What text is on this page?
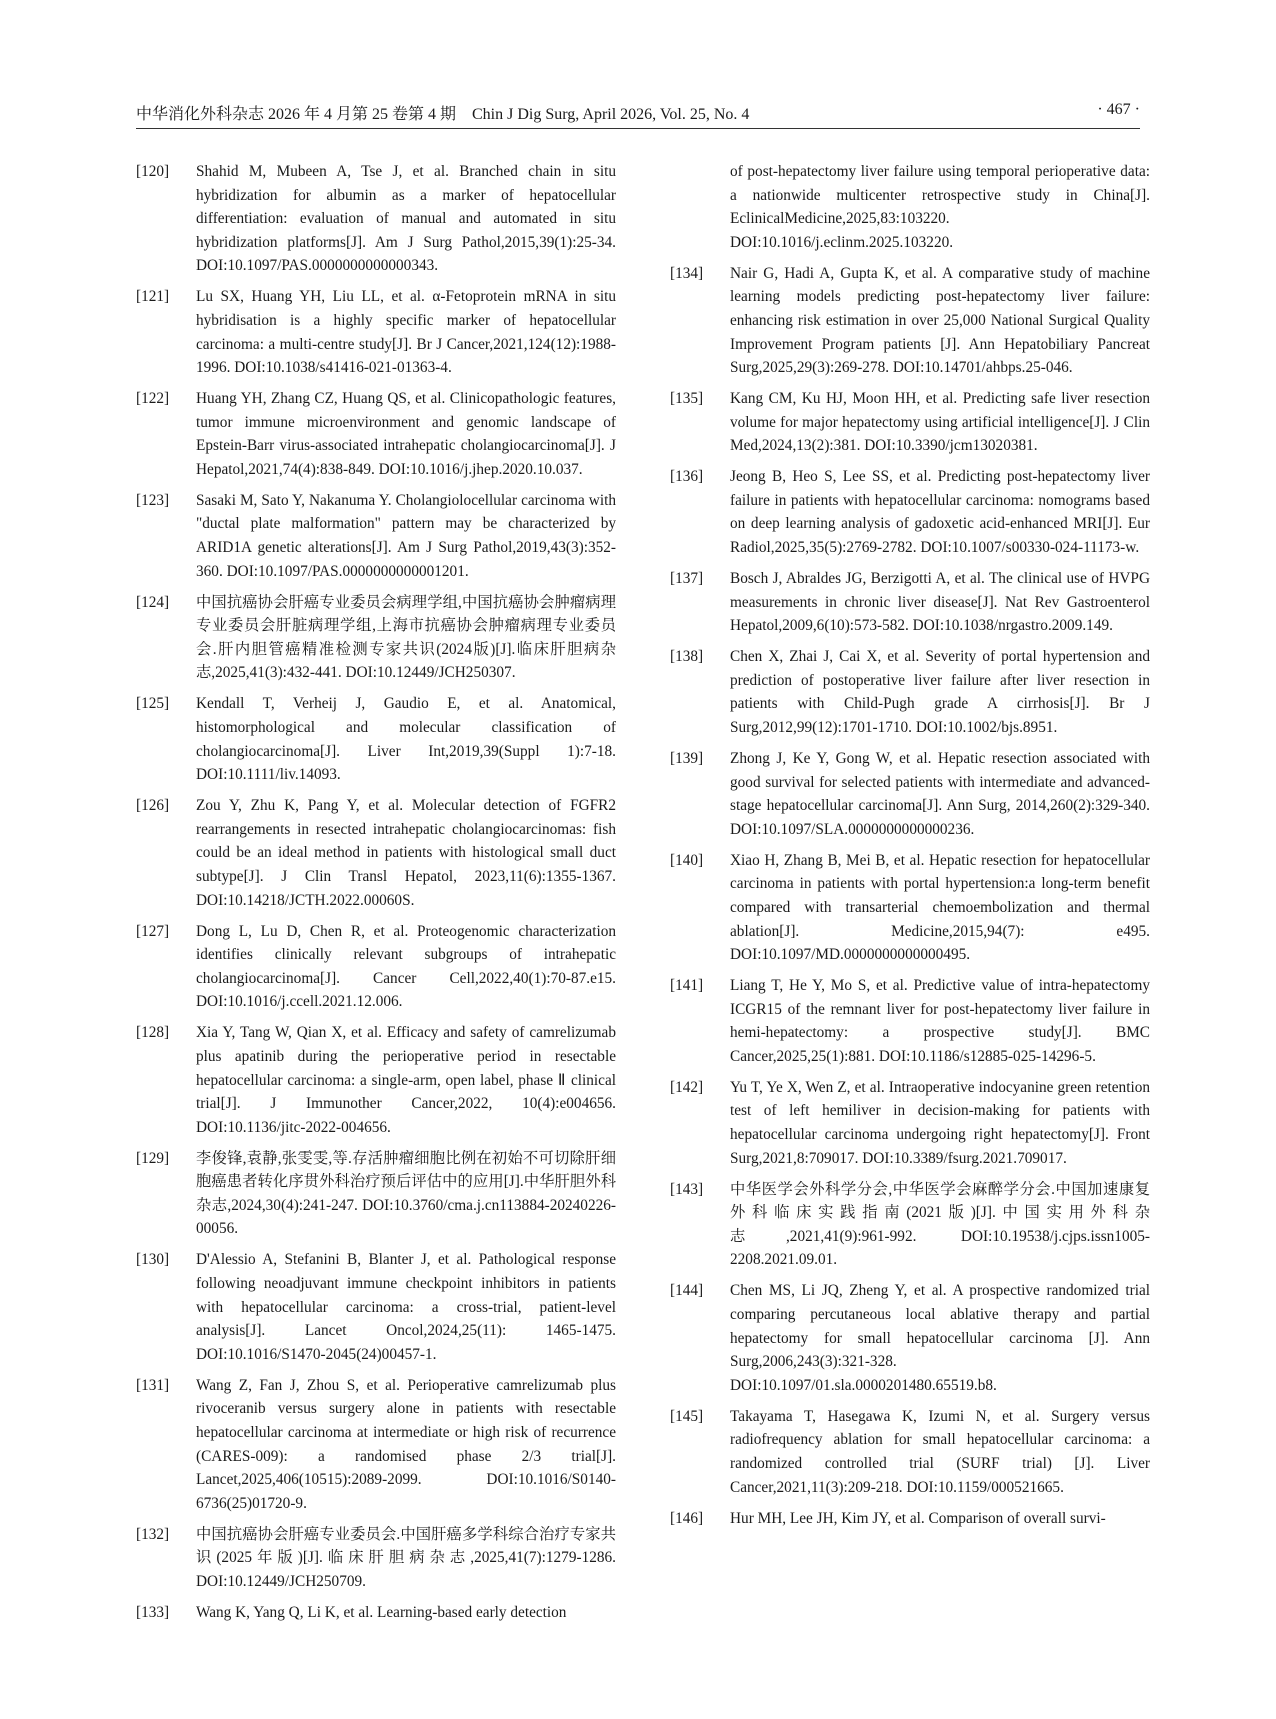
中华消化外科杂志 2026 年 4 月第 25 卷第 4 期　Chin J Dig Surg, April 2026, Vol. 25, No. 4	· 467 ·
[120] Shahid M, Mubeen A, Tse J, et al. Branched chain in situ hybridization for albumin as a marker of hepatocellular differentiation: evaluation of manual and automated in situ hybridization platforms[J]. Am J Surg Pathol,2015,39(1):25-34. DOI:10.1097/PAS.0000000000000343.
[121] Lu SX, Huang YH, Liu LL, et al. α-Fetoprotein mRNA in situ hybridisation is a highly specific marker of hepatocellular carcinoma: a multi-centre study[J]. Br J Cancer,2021,124(12):1988-1996. DOI:10.1038/s41416-021-01363-4.
[122] Huang YH, Zhang CZ, Huang QS, et al. Clinicopathologic features, tumor immune microenvironment and genomic landscape of Epstein-Barr virus-associated intrahepatic cholangiocarcinoma[J]. J Hepatol,2021,74(4):838-849. DOI:10.1016/j.jhep.2020.10.037.
[123] Sasaki M, Sato Y, Nakanuma Y. Cholangiolocellular carcinoma with "ductal plate malformation" pattern may be characterized by ARID1A genetic alterations[J]. Am J Surg Pathol,2019,43(3):352-360. DOI:10.1097/PAS.0000000000001201.
[124] 中国抗癌协会肝癌专业委员会病理学组,中国抗癌协会肿瘤病理专业委员会肝脏病理学组,上海市抗癌协会肿瘤病理专业委员会.肝内胆管癌精准检测专家共识(2024版)[J].临床肝胆病杂志,2025,41(3):432-441. DOI:10.12449/JCH250307.
[125] Kendall T, Verheij J, Gaudio E, et al. Anatomical, histomorphological and molecular classification of cholangiocarcinoma[J]. Liver Int,2019,39(Suppl 1):7-18. DOI:10.1111/liv.14093.
[126] Zou Y, Zhu K, Pang Y, et al. Molecular detection of FGFR2 rearrangements in resected intrahepatic cholangiocarcinomas: fish could be an ideal method in patients with histological small duct subtype[J]. J Clin Transl Hepatol, 2023,11(6):1355-1367. DOI:10.14218/JCTH.2022.00060S.
[127] Dong L, Lu D, Chen R, et al. Proteogenomic characterization identifies clinically relevant subgroups of intrahepatic cholangiocarcinoma[J]. Cancer Cell,2022,40(1):70-87.e15. DOI:10.1016/j.ccell.2021.12.006.
[128] Xia Y, Tang W, Qian X, et al. Efficacy and safety of camrelizumab plus apatinib during the perioperative period in resectable hepatocellular carcinoma: a single-arm, open label, phase Ⅱ clinical trial[J]. J Immunother Cancer,2022, 10(4):e004656. DOI:10.1136/jitc-2022-004656.
[129] 李俊锋,袁静,张雯雯,等.存活肿瘤细胞比例在初始不可切除肝细胞癌患者转化序贯外科治疗预后评估中的应用[J].中华肝胆外科杂志,2024,30(4):241-247. DOI:10.3760/cma.j.cn113884-20240226-00056.
[130] D'Alessio A, Stefanini B, Blanter J, et al. Pathological response following neoadjuvant immune checkpoint inhibitors in patients with hepatocellular carcinoma: a cross-trial, patient-level analysis[J]. Lancet Oncol,2024,25(11): 1465-1475. DOI:10.1016/S1470-2045(24)00457-1.
[131] Wang Z, Fan J, Zhou S, et al. Perioperative camrelizumab plus rivoceranib versus surgery alone in patients with resectable hepatocellular carcinoma at intermediate or high risk of recurrence (CARES-009): a randomised phase 2/3 trial[J]. Lancet,2025,406(10515):2089-2099. DOI:10.1016/S0140-6736(25)01720-9.
[132] 中国抗癌协会肝癌专业委员会.中国肝癌多学科综合治疗专家共识(2025年版)[J].临床肝胆病杂志,2025,41(7):1279-1286. DOI:10.12449/JCH250709.
[133] Wang K, Yang Q, Li K, et al. Learning-based early detection
of post-hepatectomy liver failure using temporal perioperative data: a nationwide multicenter retrospective study in China[J]. EclinicalMedicine,2025,83:103220. DOI:10.1016/j.eclinm.2025.103220.
[134] Nair G, Hadi A, Gupta K, et al. A comparative study of machine learning models predicting post-hepatectomy liver failure: enhancing risk estimation in over 25,000 National Surgical Quality Improvement Program patients [J]. Ann Hepatobiliary Pancreat Surg,2025,29(3):269-278. DOI:10.14701/ahbps.25-046.
[135] Kang CM, Ku HJ, Moon HH, et al. Predicting safe liver resection volume for major hepatectomy using artificial intelligence[J]. J Clin Med,2024,13(2):381. DOI:10.3390/jcm13020381.
[136] Jeong B, Heo S, Lee SS, et al. Predicting post-hepatectomy liver failure in patients with hepatocellular carcinoma: nomograms based on deep learning analysis of gadoxetic acid-enhanced MRI[J]. Eur Radiol,2025,35(5):2769-2782. DOI:10.1007/s00330-024-11173-w.
[137] Bosch J, Abraldes JG, Berzigotti A, et al. The clinical use of HVPG measurements in chronic liver disease[J]. Nat Rev Gastroenterol Hepatol,2009,6(10):573-582. DOI:10.1038/nrgastro.2009.149.
[138] Chen X, Zhai J, Cai X, et al. Severity of portal hypertension and prediction of postoperative liver failure after liver resection in patients with Child-Pugh grade A cirrhosis[J]. Br J Surg,2012,99(12):1701-1710. DOI:10.1002/bjs.8951.
[139] Zhong J, Ke Y, Gong W, et al. Hepatic resection associated with good survival for selected patients with intermediate and advanced-stage hepatocellular carcinoma[J]. Ann Surg, 2014,260(2):329-340. DOI:10.1097/SLA.0000000000000236.
[140] Xiao H, Zhang B, Mei B, et al. Hepatic resection for hepatocellular carcinoma in patients with portal hypertension:a long-term benefit compared with transarterial chemoembolization and thermal ablation[J]. Medicine,2015,94(7): e495. DOI:10.1097/MD.0000000000000495.
[141] Liang T, He Y, Mo S, et al. Predictive value of intra-hepatectomy ICGR15 of the remnant liver for post-hepatectomy liver failure in hemi-hepatectomy: a prospective study[J]. BMC Cancer,2025,25(1):881. DOI:10.1186/s12885-025-14296-5.
[142] Yu T, Ye X, Wen Z, et al. Intraoperative indocyanine green retention test of left hemiliver in decision-making for patients with hepatocellular carcinoma undergoing right hepatectomy[J]. Front Surg,2021,8:709017. DOI:10.3389/fsurg.2021.709017.
[143] 中华医学会外科学分会,中华医学会麻醉学分会.中国加速康复外科临床实践指南(2021版)[J].中国实用外科杂志,2021,41(9):961-992. DOI:10.19538/j.cjps.issn1005-2208.2021.09.01.
[144] Chen MS, Li JQ, Zheng Y, et al. A prospective randomized trial comparing percutaneous local ablative therapy and partial hepatectomy for small hepatocellular carcinoma [J]. Ann Surg,2006,243(3):321-328. DOI:10.1097/01.sla.0000201480.65519.b8.
[145] Takayama T, Hasegawa K, Izumi N, et al. Surgery versus radiofrequency ablation for small hepatocellular carcinoma: a randomized controlled trial (SURF trial) [J]. Liver Cancer,2021,11(3):209-218. DOI:10.1159/000521665.
[146] Hur MH, Lee JH, Kim JY, et al. Comparison of overall survi-
